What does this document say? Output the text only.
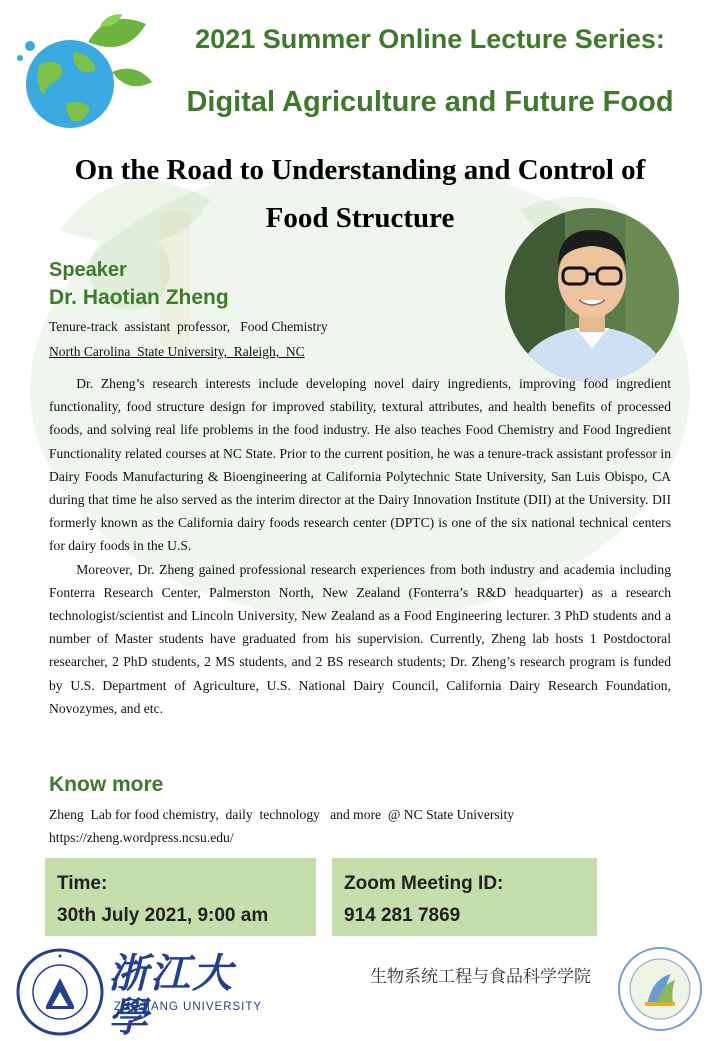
2021 Summer Online Lecture Series:
Digital Agriculture and Future Food
On the Road to Understanding and Control of
Food Structure
Speaker
Dr. Haotian Zheng
Tenure-track  assistant  professor,   Food Chemistry
North Carolina  State University,  Raleigh,  NC

Dr. Zheng’s research interests include developing novel dairy ingredients, improving food ingredient functionality, food structure design for improved stability, textural attributes, and health benefits of processed foods, and solving real life problems in the food industry. He also teaches Food Chemistry and Food Ingredient Functionality related courses at NC State. Prior to the current position, he was a tenure-track assistant professor in Dairy Foods Manufacturing & Bioengineering at California Polytechnic State University, San Luis Obispo, CA during that time he also served as the interim director at the Dairy Innovation Institute (DII) at the University. DII formerly known as the California dairy foods research center (DPTC) is one of the six national technical centers for dairy foods in the U.S.

Moreover, Dr. Zheng gained professional research experiences from both industry and academia including Fonterra Research Center, Palmerston North, New Zealand (Fonterra’s R&D headquarter) as a research technologist/scientist and Lincoln University, New Zealand as a Food Engineering lecturer. 3 PhD students and a number of Master students have graduated from his supervision. Currently, Zheng lab hosts 1 Postdoctoral researcher, 2 PhD students, 2 MS students, and 2 BS research students; Dr. Zheng’s research program is funded by U.S. Department of Agriculture, U.S. National Dairy Council, California Dairy Research Foundation, Novozymes, and etc.

Know more
Zheng  Lab for food chemistry,  daily  technology   and more  @ NC State University
https://zheng.wordpress.ncsu.edu/
Time:
30th July 2021, 9:00 am
Zoom Meeting ID:
914 281 7869
浙江大學
ZHEJIANG UNIVERSITY
生物系统工程与食品科学学院
